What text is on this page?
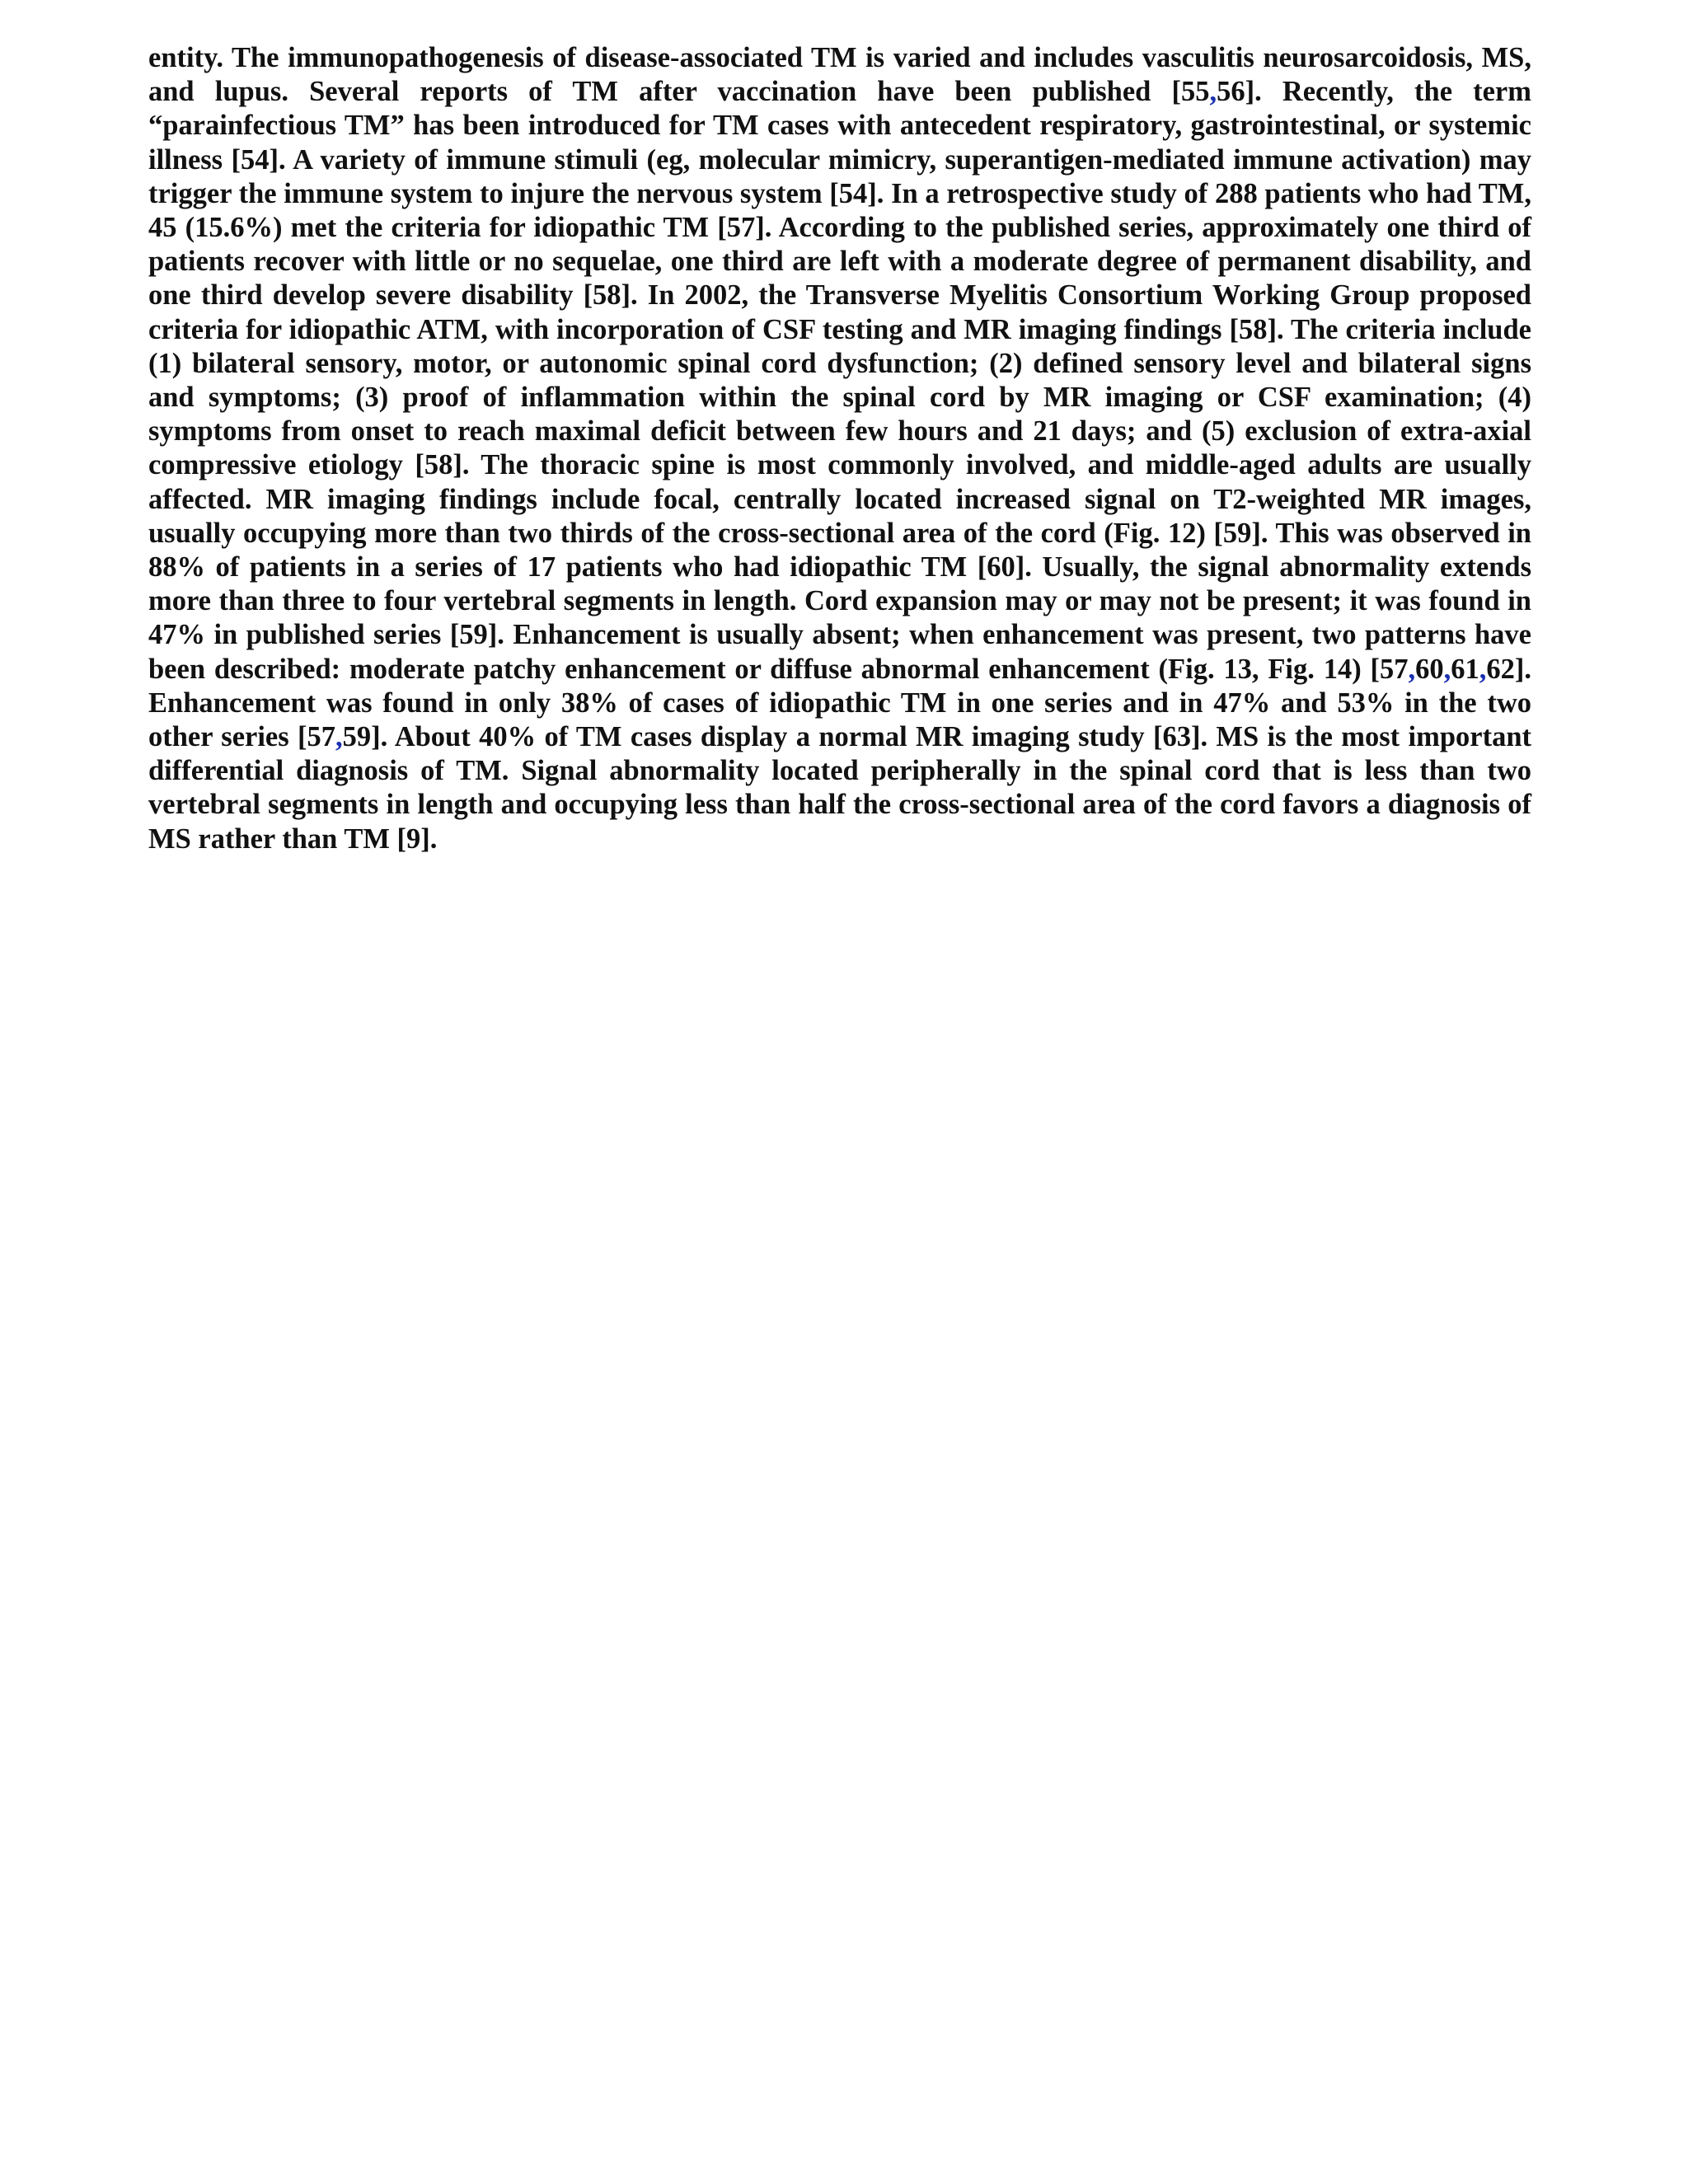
entity. The immunopathogenesis of disease-associated TM is varied and includes vasculitis neurosarcoidosis, MS, and lupus. Several reports of TM after vaccination have been published [55,56]. Recently, the term “parainfectious TM” has been introduced for TM cases with antecedent respiratory, gastrointestinal, or systemic illness [54]. A variety of immune stimuli (eg, molecular mimicry, superantigen-mediated immune activation) may trigger the immune system to injure the nervous system [54]. In a retrospective study of 288 patients who had TM, 45 (15.6%) met the criteria for idiopathic TM [57]. According to the published series, approximately one third of patients recover with little or no sequelae, one third are left with a moderate degree of permanent disability, and one third develop severe disability [58]. In 2002, the Transverse Myelitis Consortium Working Group proposed criteria for idiopathic ATM, with incorporation of CSF testing and MR imaging findings [58]. The criteria include (1) bilateral sensory, motor, or autonomic spinal cord dysfunction; (2) defined sensory level and bilateral signs and symptoms; (3) proof of inflammation within the spinal cord by MR imaging or CSF examination; (4) symptoms from onset to reach maximal deficit between few hours and 21 days; and (5) exclusion of extra-axial compressive etiology [58]. The thoracic spine is most commonly involved, and middle-aged adults are usually affected. MR imaging findings include focal, centrally located increased signal on T2-weighted MR images, usually occupying more than two thirds of the cross-sectional area of the cord (Fig. 12) [59]. This was observed in 88% of patients in a series of 17 patients who had idiopathic TM [60]. Usually, the signal abnormality extends more than three to four vertebral segments in length. Cord expansion may or may not be present; it was found in 47% in published series [59]. Enhancement is usually absent; when enhancement was present, two patterns have been described: moderate patchy enhancement or diffuse abnormal enhancement (Fig. 13, Fig. 14) [57,60,61,62]. Enhancement was found in only 38% of cases of idiopathic TM in one series and in 47% and 53% in the two other series [57,59]. About 40% of TM cases display a normal MR imaging study [63]. MS is the most important differential diagnosis of TM. Signal abnormality located peripherally in the spinal cord that is less than two vertebral segments in length and occupying less than half the cross-sectional area of the cord favors a diagnosis of MS rather than TM [9].
